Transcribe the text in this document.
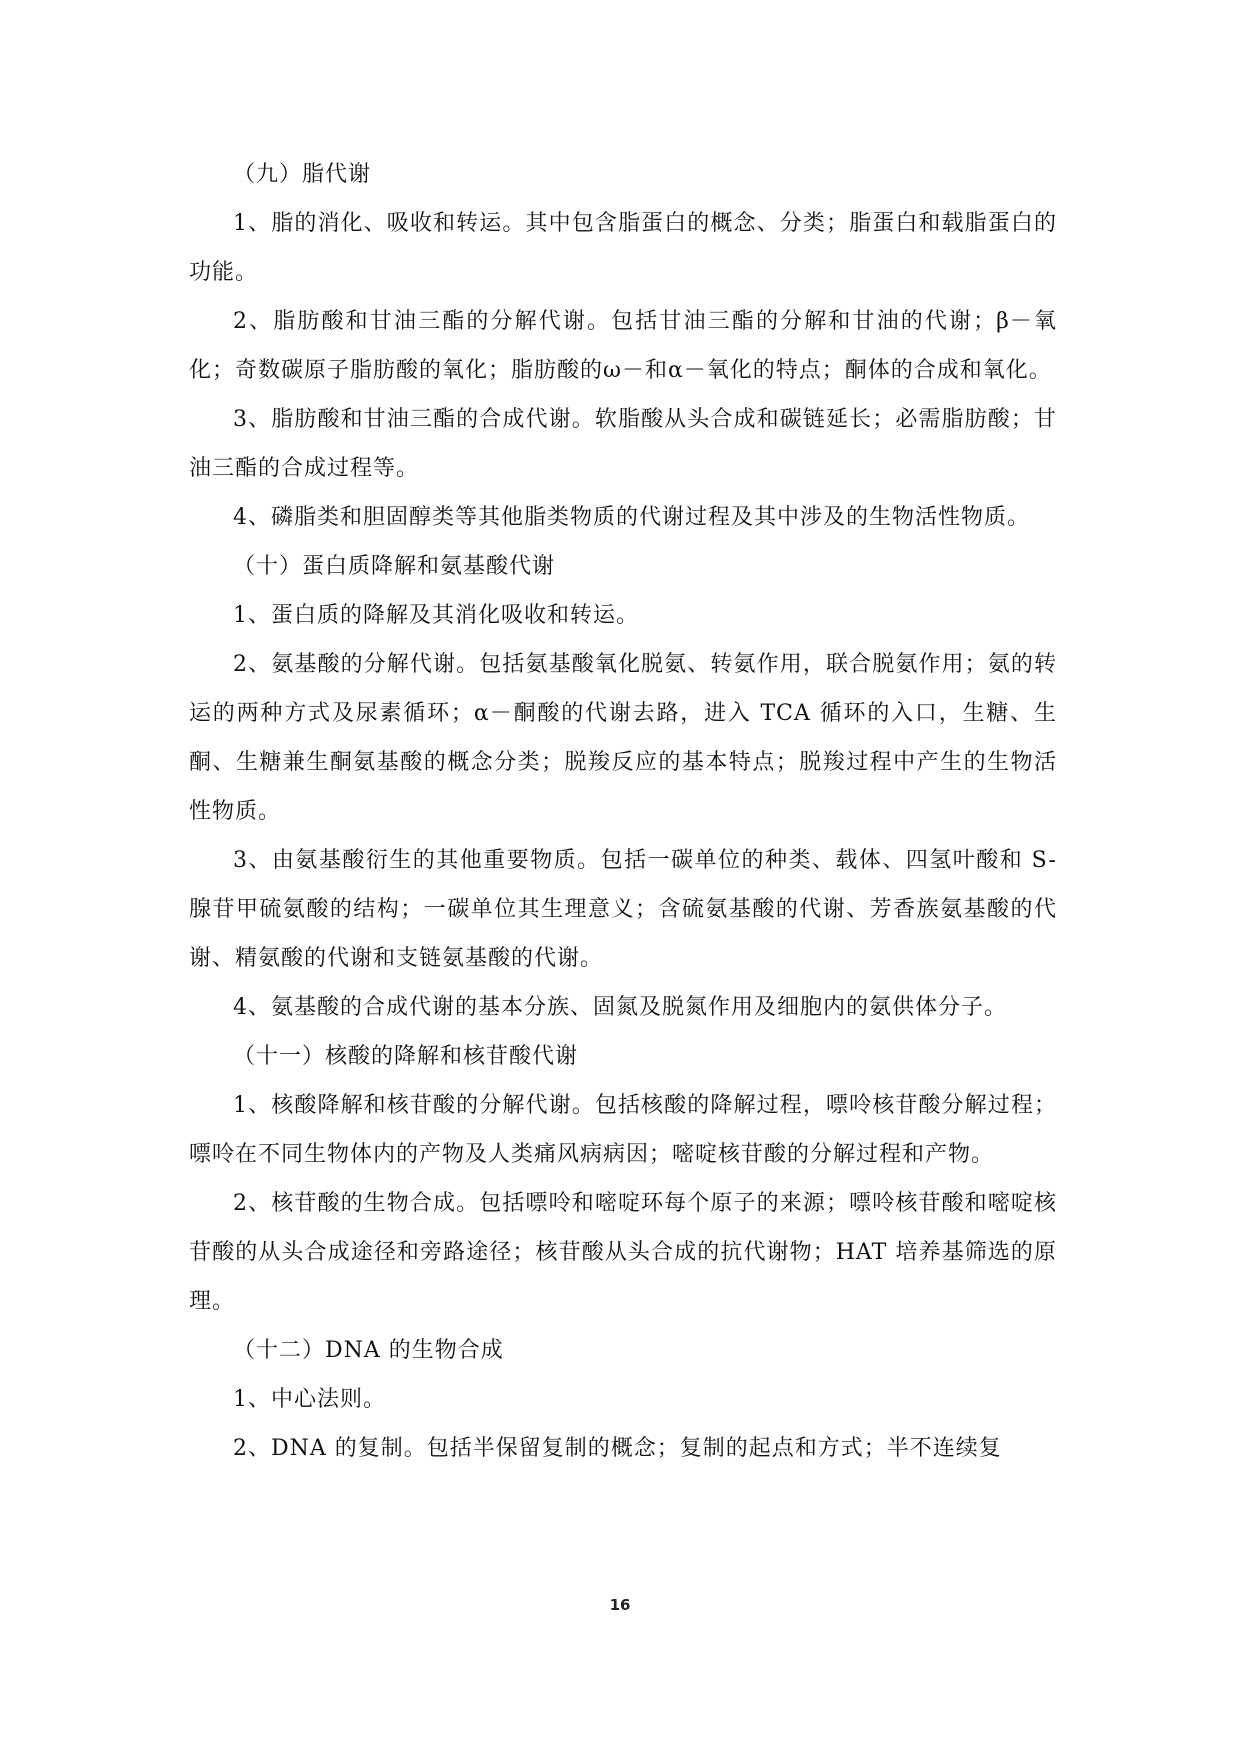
（九）脂代谢

1、脂的消化、吸收和转运。其中包含脂蛋白的概念、分类；脂蛋白和载脂蛋白的功能。

2、脂肪酸和甘油三酯的分解代谢。包括甘油三酯的分解和甘油的代谢；β－氧化；奇数碳原子脂肪酸的氧化；脂肪酸的ω－和α－氧化的特点；酮体的合成和氧化。

3、脂肪酸和甘油三酯的合成代谢。软脂酸从头合成和碳链延长；必需脂肪酸；甘油三酯的合成过程等。

4、磷脂类和胆固醇类等其他脂类物质的代谢过程及其中涉及的生物活性物质。

（十）蛋白质降解和氨基酸代谢

1、蛋白质的降解及其消化吸收和转运。

2、氨基酸的分解代谢。包括氨基酸氧化脱氨、转氨作用，联合脱氨作用；氨的转运的两种方式及尿素循环；α－酮酸的代谢去路，进入 TCA 循环的入口，生糖、生酮、生糖兼生酮氨基酸的概念分类；脱羧反应的基本特点；脱羧过程中产生的生物活性物质。

3、由氨基酸衍生的其他重要物质。包括一碳单位的种类、载体、四氢叶酸和 S-腺苷甲硫氨酸的结构；一碳单位其生理意义；含硫氨基酸的代谢、芳香族氨基酸的代谢、精氨酸的代谢和支链氨基酸的代谢。

4、氨基酸的合成代谢的基本分族、固氮及脱氮作用及细胞内的氨供体分子。

（十一）核酸的降解和核苷酸代谢

1、核酸降解和核苷酸的分解代谢。包括核酸的降解过程，嘌呤核苷酸分解过程；嘌呤在不同生物体内的产物及人类痛风病病因；嘧啶核苷酸的分解过程和产物。

2、核苷酸的生物合成。包括嘌呤和嘧啶环每个原子的来源；嘌呤核苷酸和嘧啶核苷酸的从头合成途径和旁路途径；核苷酸从头合成的抗代谢物；HAT 培养基筛选的原理。

（十二）DNA 的生物合成

1、中心法则。

2、DNA 的复制。包括半保留复制的概念；复制的起点和方式；半不连续复

16
